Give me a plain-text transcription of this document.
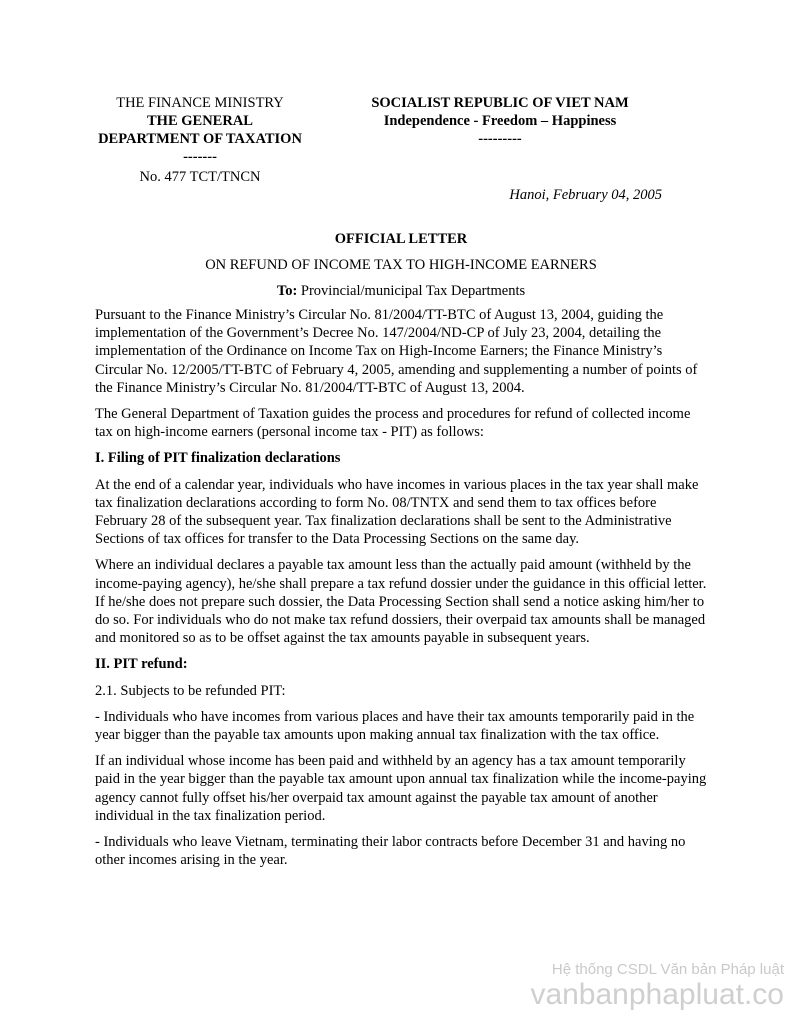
THE FINANCE MINISTRY
THE GENERAL DEPARTMENT OF TAXATION
-------
No. 477 TCT/TNCN
SOCIALIST REPUBLIC OF VIET NAM
Independence - Freedom – Happiness
---------
Hanoi, February 04, 2005
OFFICIAL LETTER
ON REFUND OF INCOME TAX TO HIGH-INCOME EARNERS
To: Provincial/municipal Tax Departments

Pursuant to the Finance Ministry’s Circular No. 81/2004/TT-BTC of August 13, 2004, guiding the implementation of the Government’s Decree No. 147/2004/ND-CP of July 23, 2004, detailing the implementation of the Ordinance on Income Tax on High-Income Earners; the Finance Ministry’s Circular No. 12/2005/TT-BTC of February 4, 2005, amending and supplementing a number of points of the Finance Ministry’s Circular No. 81/2004/TT-BTC of August 13, 2004.

The General Department of Taxation guides the process and procedures for refund of collected income tax on high-income earners (personal income tax - PIT) as follows:

I. Filing of PIT finalization declarations

At the end of a calendar year, individuals who have incomes in various places in the tax year shall make tax finalization declarations according to form No. 08/TNTX and send them to tax offices before February 28 of the subsequent year. Tax finalization declarations shall be sent to the Administrative Sections of tax offices for transfer to the Data Processing Sections on the same day.

Where an individual declares a payable tax amount less than the actually paid amount (withheld by the income-paying agency), he/she shall prepare a tax refund dossier under the guidance in this official letter. If he/she does not prepare such dossier, the Data Processing Section shall send a notice asking him/her to do so. For individuals who do not make tax refund dossiers, their overpaid tax amounts shall be managed and monitored so as to be offset against the tax amounts payable in subsequent years.

II. PIT refund:

2.1. Subjects to be refunded PIT:

- Individuals who have incomes from various places and have their tax amounts temporarily paid in the year bigger than the payable tax amounts upon making annual tax finalization with the tax office.

If an individual whose income has been paid and withheld by an agency has a tax amount temporarily paid in the year bigger than the payable tax amount upon annual tax finalization while the income-paying agency cannot fully offset his/her overpaid tax amount against the payable tax amount of another individual in the tax finalization period.

- Individuals who leave Vietnam, terminating their labor contracts before December 31 and having no other incomes arising in the year.

Hệ thống CSDL Văn bản Pháp luật
vanbanphapluat.co
